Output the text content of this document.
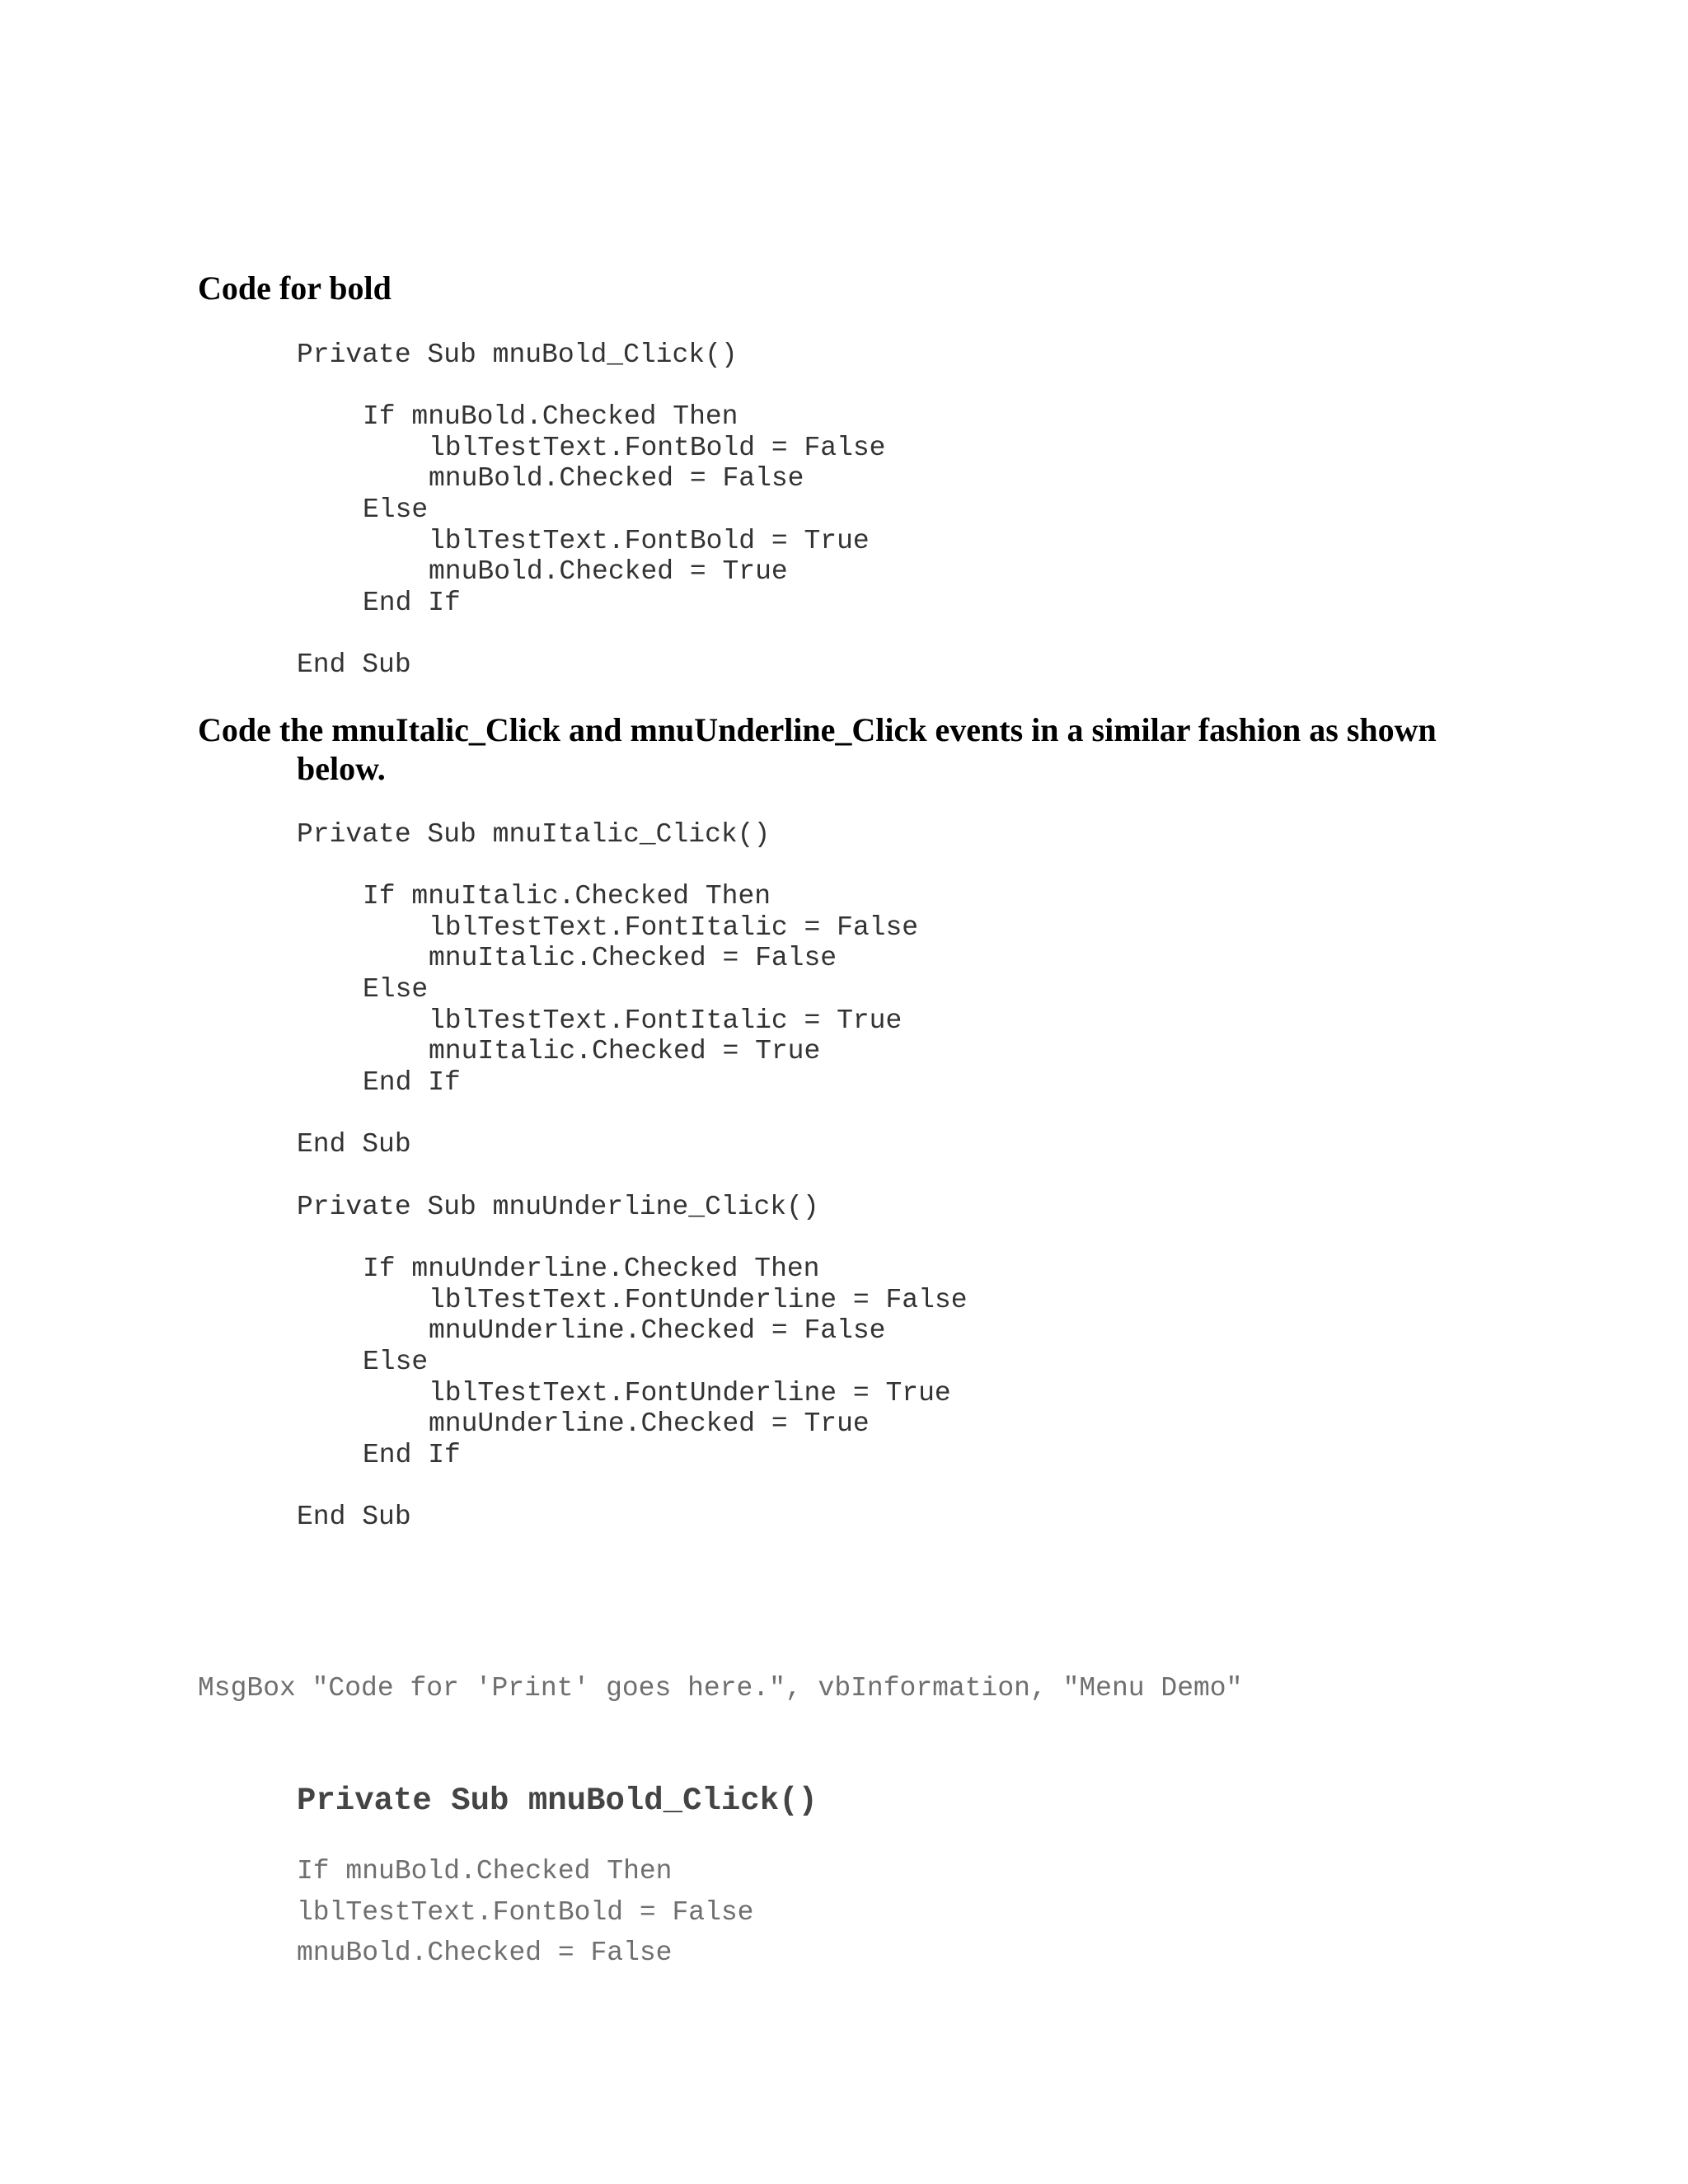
Code for bold
Private Sub mnuBold_Click()
If mnuBold.Checked Then
lblTestText.FontBold = False
mnuBold.Checked = False
Else
lblTestText.FontBold = True
mnuBold.Checked = True
End If
End Sub
Code the mnuItalic_Click and mnuUnderline_Click events in a similar fashion as shown
below.
Private Sub mnuItalic_Click()
If mnuItalic.Checked Then
lblTestText.FontItalic = False
mnuItalic.Checked = False
Else
lblTestText.FontItalic = True
mnuItalic.Checked = True
End If
End Sub
Private Sub mnuUnderline_Click()
If mnuUnderline.Checked Then
lblTestText.FontUnderline = False
mnuUnderline.Checked = False
Else
lblTestText.FontUnderline = True
mnuUnderline.Checked = True
End If
End Sub

MsgBox "Code for 'Print' goes here.", vbInformation, "Menu Demo"

Private Sub mnuBold_Click()

If mnuBold.Checked Then
lblTestText.FontBold = False
mnuBold.Checked = False
